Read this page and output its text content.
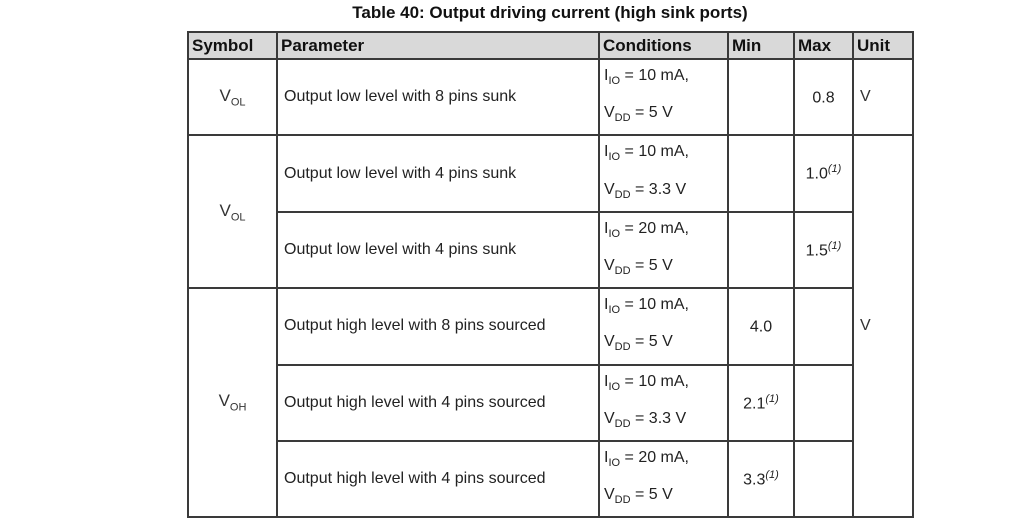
Table 40: Output driving current (high sink ports)
Symbol	Parameter	Conditions	Min	Max	Unit
$V_{OL}$	Output low level with 8 pins sunk	$I_{IO} = 10$ mA,
$V_{DD} = 5$ V		0.8	V
$V_{OL}$	Output low level with 4 pins sunk	$I_{IO} = 10$ mA,
$V_{DD} = 3.3$ V		1.0$^{(1)}$	V
	Output low level with 4 pins sunk	$I_{IO} = 20$ mA,
$V_{DD} = 5$ V		1.5$^{(1)}$
$V_{OH}$	Output high level with 8 pins sourced	$I_{IO} = 10$ mA,
$V_{DD} = 5$ V	4.0		
	Output high level with 4 pins sourced	$I_{IO} = 10$ mA,
$V_{DD} = 3.3$ V	2.1$^{(1)}$	
	Output high level with 4 pins sourced	$I_{IO} = 20$ mA,
$V_{DD} = 5$ V	3.3$^{(1)}$	
